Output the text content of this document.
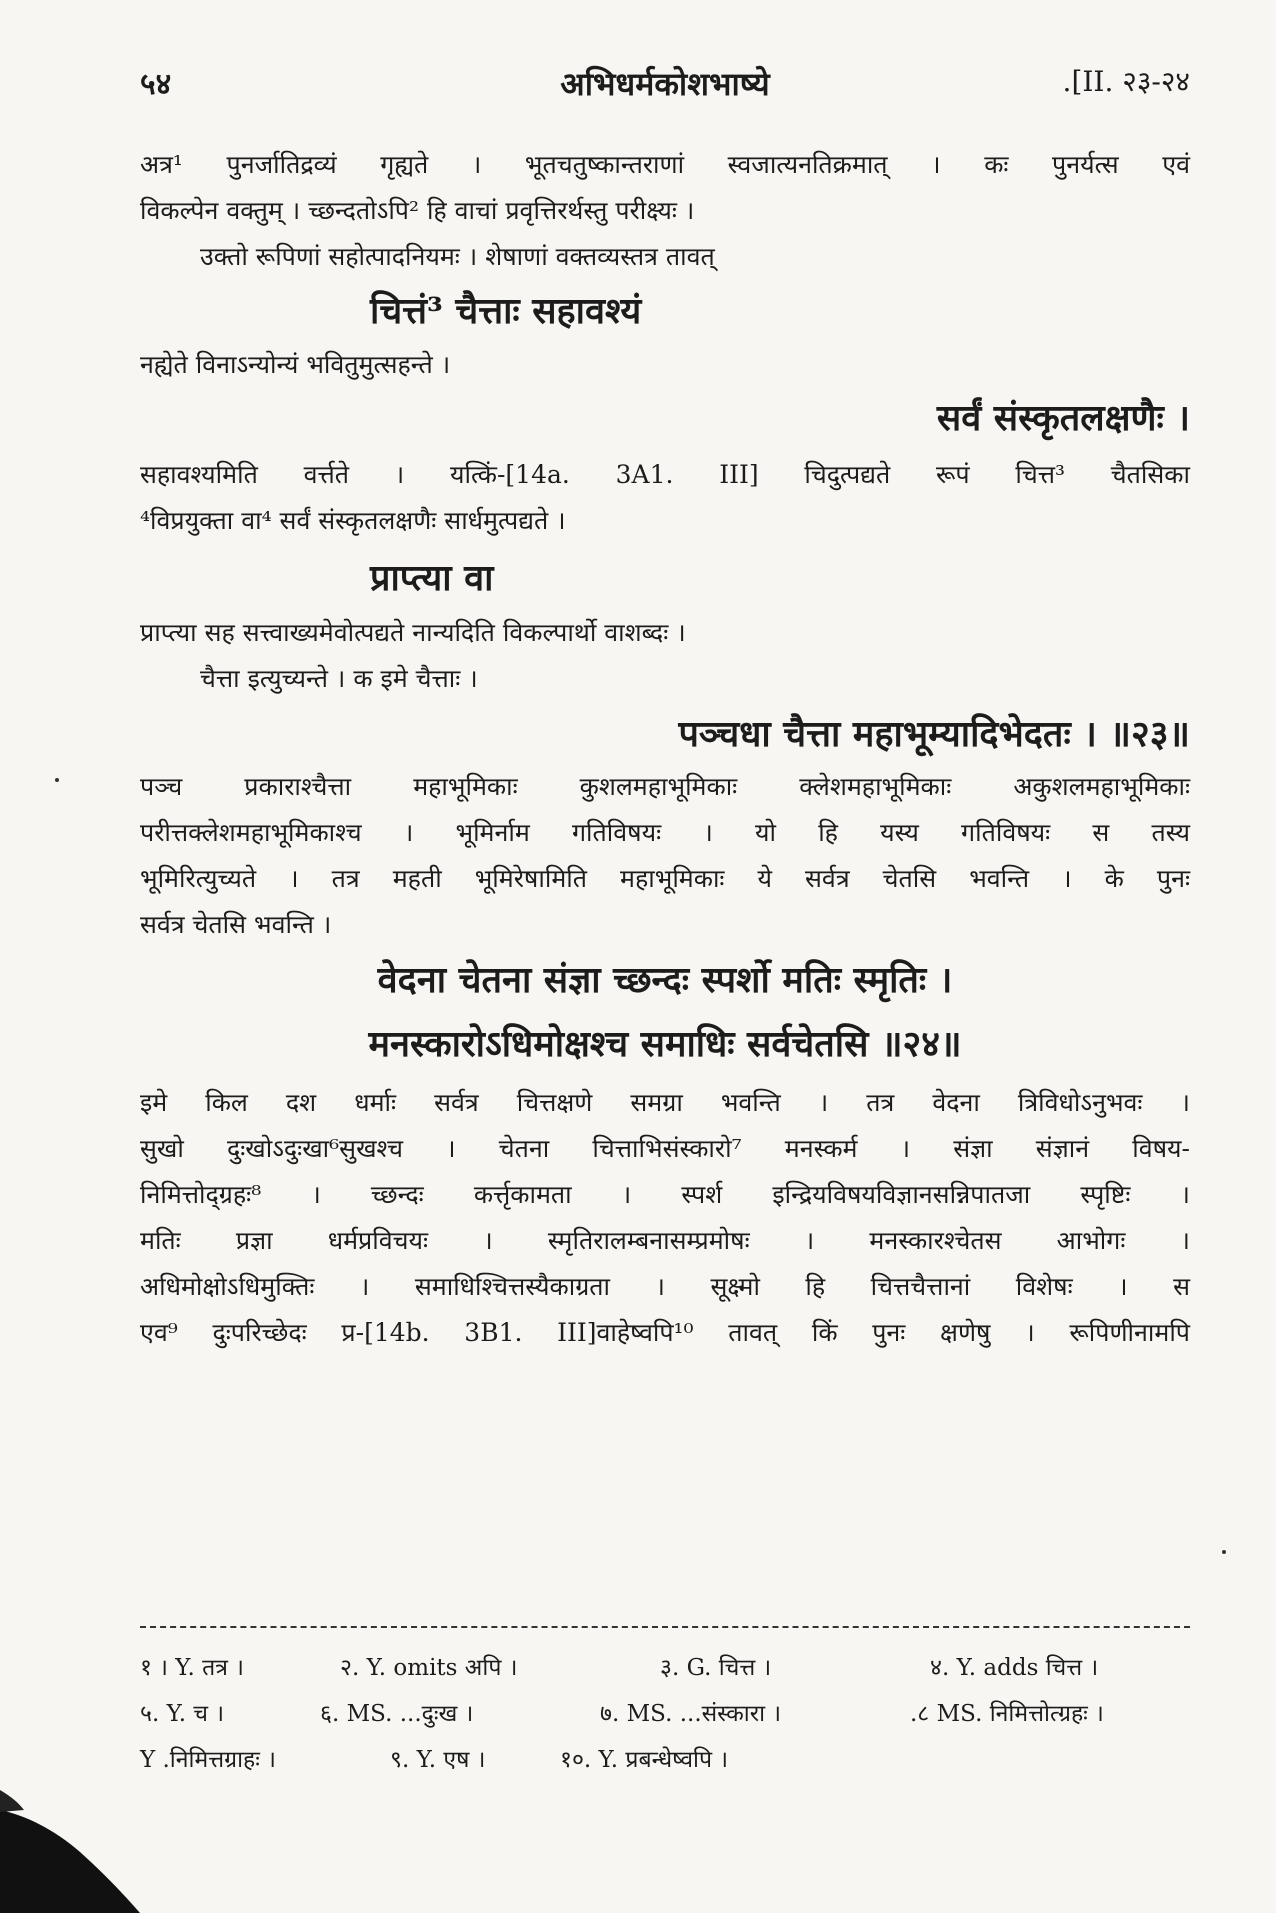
५४	अभिधर्मकोशभाष्ये	.[II. २३-२४
अत्र¹ पुनर्जातिद्रव्यं गृह्यते । भूतचतुष्कान्तराणां स्वजात्यनतिक्रमात् । कः पुनर्यत्स एवं
विकल्पेन वक्तुम् । च्छन्दतोऽपि² हि वाचां प्रवृत्तिरर्थस्तु परीक्ष्यः ।
उक्तो रूपिणां सहोत्पादनियमः । शेषाणां वक्तव्यस्तत्र तावत्
चित्तं³ चैत्ताः सहावश्यं
नह्येते विनाऽन्योन्यं भवितुमुत्सहन्ते ।
सर्वं संस्कृतलक्षणैः ।
सहावश्यमिति वर्त्तते । यत्किं-[14a. 3A1. III] चिदुत्पद्यते रूपं चित्त³ चैतसिका
⁴विप्रयुक्ता वा⁴ सर्वं संस्कृतलक्षणैः सार्धमुत्पद्यते ।
प्राप्त्या वा
प्राप्त्या सह सत्त्वाख्यमेवोत्पद्यते नान्यदिति विकल्पार्थो वाशब्दः ।
चैत्ता इत्युच्यन्ते । क इमे चैत्ताः ।
पञ्चधा चैत्ता महाभूम्यादिभेदतः । ॥२३॥
पञ्च प्रकाराश्चैत्ता महाभूमिकाः कुशलमहाभूमिकाः क्लेशमहाभूमिकाः अकुशलमहाभूमिकाः
परीत्तक्लेशमहाभूमिकाश्च । भूमिर्नाम गतिविषयः । यो हि यस्य गतिविषयः स तस्य
भूमिरित्युच्यते । तत्र महती भूमिरेषामिति महाभूमिकाः ये सर्वत्र चेतसि भवन्ति । के पुनः
सर्वत्र चेतसि भवन्ति ।
वेदना चेतना संज्ञा च्छन्दः स्पर्शो मतिः स्मृतिः ।
मनस्कारोऽधिमोक्षश्च समाधिः सर्वचेतसि ॥२४॥
इमे किल दश धर्माः सर्वत्र चित्तक्षणे समग्रा भवन्ति । तत्र वेदना त्रिविधोऽनुभवः ।
सुखो दुःखोऽदुःखा⁶सुखश्च । चेतना चित्ताभिसंस्कारो⁷ मनस्कर्म । संज्ञा संज्ञानं विषय-
निमित्तोद्ग्रहः⁸ । च्छन्दः कर्त्तृकामता । स्पर्श इन्द्रियविषयविज्ञानसन्निपातजा स्पृष्टिः ।
मतिः प्रज्ञा धर्मप्रविचयः । स्मृतिरालम्बनासम्प्रमोषः । मनस्कारश्चेतस आभोगः ।
अधिमोक्षोऽधिमुक्तिः । समाधिश्चित्तस्यैकाग्रता । सूक्ष्मो हि चित्तचैत्तानां विशेषः । स
एव⁹ दुःपरिच्छेदः प्र-[14b. 3B1. III]वाहेष्वपि¹⁰ तावत् किं पुनः क्षणेषु । रूपिणीनामपि
१ । Y. तत्र ।	२. Y. omits अपि ।	३. G. चित्त ।	४. Y. adds चित्त ।
५. Y. च ।	६. MS. ...दुःख ।	७. MS. ...संस्कारा ।	.८ MS. निमित्तोत्ग्रहः ।
Y .निमित्तग्राहः ।	९. Y. एष ।	१०. Y. प्रबन्धेष्वपि ।
